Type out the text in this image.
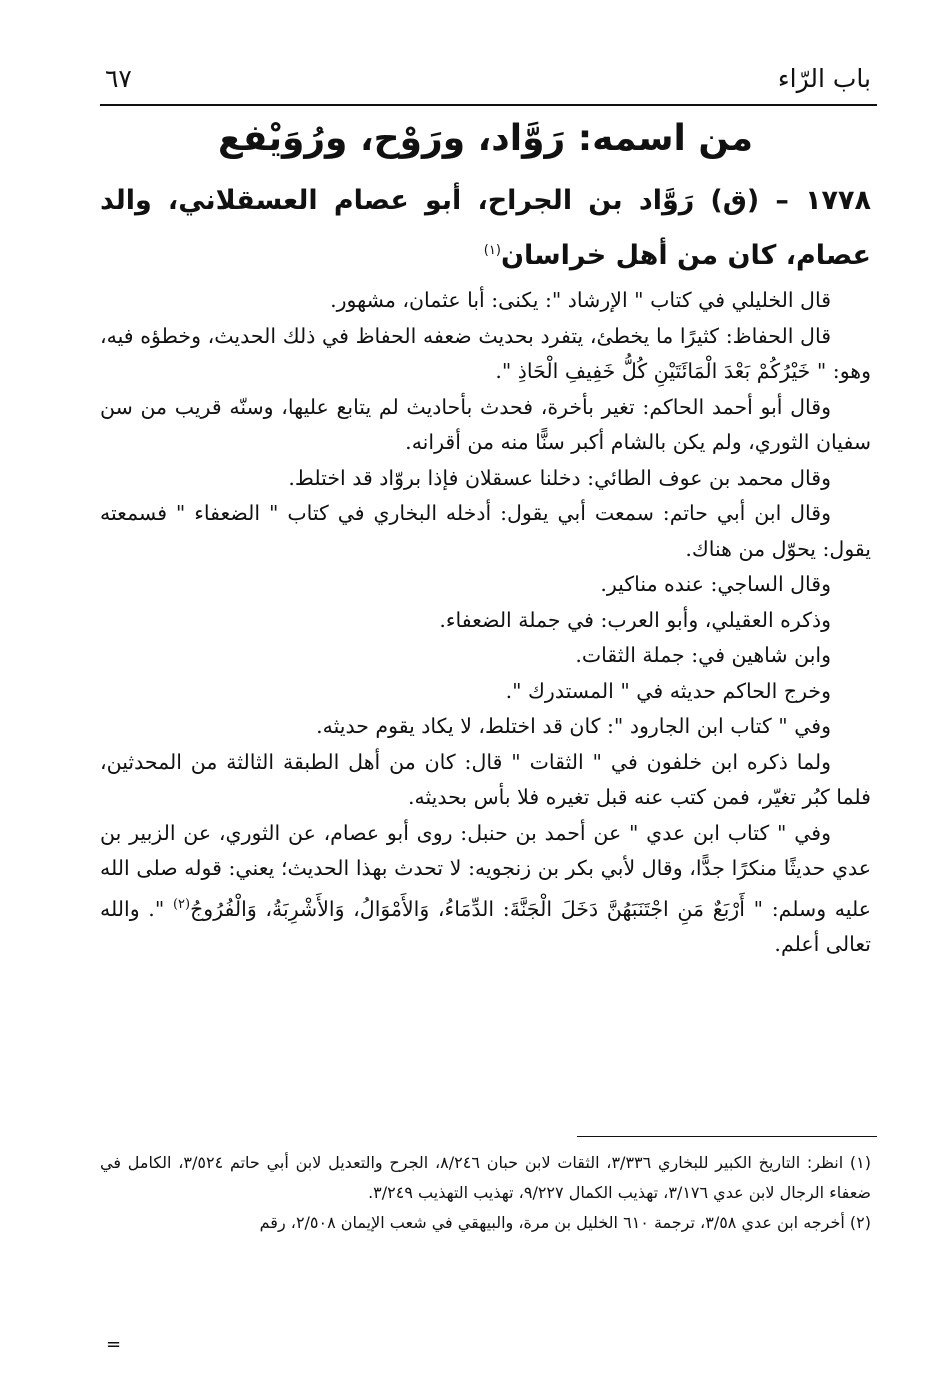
باب الرّاء
٦٧
من اسمه: رَوَّاد، ورَوْح، ورُوَيْفع
١٧٧٨ – (ق) رَوَّاد بن الجراح، أبو عصام العسقلاني، والد عصام، كان من أهل خراسان$^{(١)}$

قال الخليلي في كتاب " الإرشاد ": يكنى: أبا عثمان، مشهور.

قال الحفاظ: كثيرًا ما يخطئ، يتفرد بحديث ضعفه الحفاظ في ذلك الحديث، وخطؤه فيه، وهو: " خَيْرُكُمْ بَعْدَ الْمَائَتَيْنِ كُلُّ خَفِيفِ الْحَاذِ ".

وقال أبو أحمد الحاكم: تغير بأخرة، فحدث بأحاديث لم يتابع عليها، وسنّه قريب من سن سفيان الثوري، ولم يكن بالشام أكبر سنًّا منه من أقرانه.

وقال محمد بن عوف الطائي: دخلنا عسقلان فإذا بروّاد قد اختلط.

وقال ابن أبي حاتم: سمعت أبي يقول: أدخله البخاري في كتاب " الضعفاء " فسمعته يقول: يحوّل من هناك.

وقال الساجي: عنده مناكير.

وذكره العقيلي، وأبو العرب: في جملة الضعفاء.

وابن شاهين في: جملة الثقات.

وخرج الحاكم حديثه في " المستدرك ".

وفي " كتاب ابن الجارود ": كان قد اختلط، لا يكاد يقوم حديثه.

ولما ذكره ابن خلفون في " الثقات " قال: كان من أهل الطبقة الثالثة من المحدثين، فلما كبُر تغيّر، فمن كتب عنه قبل تغيره فلا بأس بحديثه.

وفي " كتاب ابن عدي " عن أحمد بن حنبل: روى أبو عصام، عن الثوري، عن الزبير بن عدي حديثًا منكرًا جدًّا، وقال لأبي بكر بن زنجويه: لا تحدث بهذا الحديث؛ يعني: قوله صلى الله عليه وسلم: " أَرْبَعٌ مَنِ اجْتَنَبَهُنَّ دَخَلَ الْجَنَّةَ: الدِّمَاءُ، وَالأَمْوَالُ، وَالأَشْرِبَةُ، وَالْفُرُوجُ$^{(٢)}$ ". والله تعالى أعلم.

(١) انظر: التاريخ الكبير للبخاري ٣/٣٣٦، الثقات لابن حبان ٨/٢٤٦، الجرح والتعديل لابن أبي حاتم ٣/٥٢٤، الكامل في ضعفاء الرجال لابن عدي ٣/١٧٦، تهذيب الكمال ٩/٢٢٧، تهذيب التهذيب ٣/٢٤٩.

(٢) أخرجه ابن عدي ٣/٥٨، ترجمة ٦١٠ الخليل بن مرة، والبيهقي في شعب الإيمان ٢/٥٠٨، رقم

=
